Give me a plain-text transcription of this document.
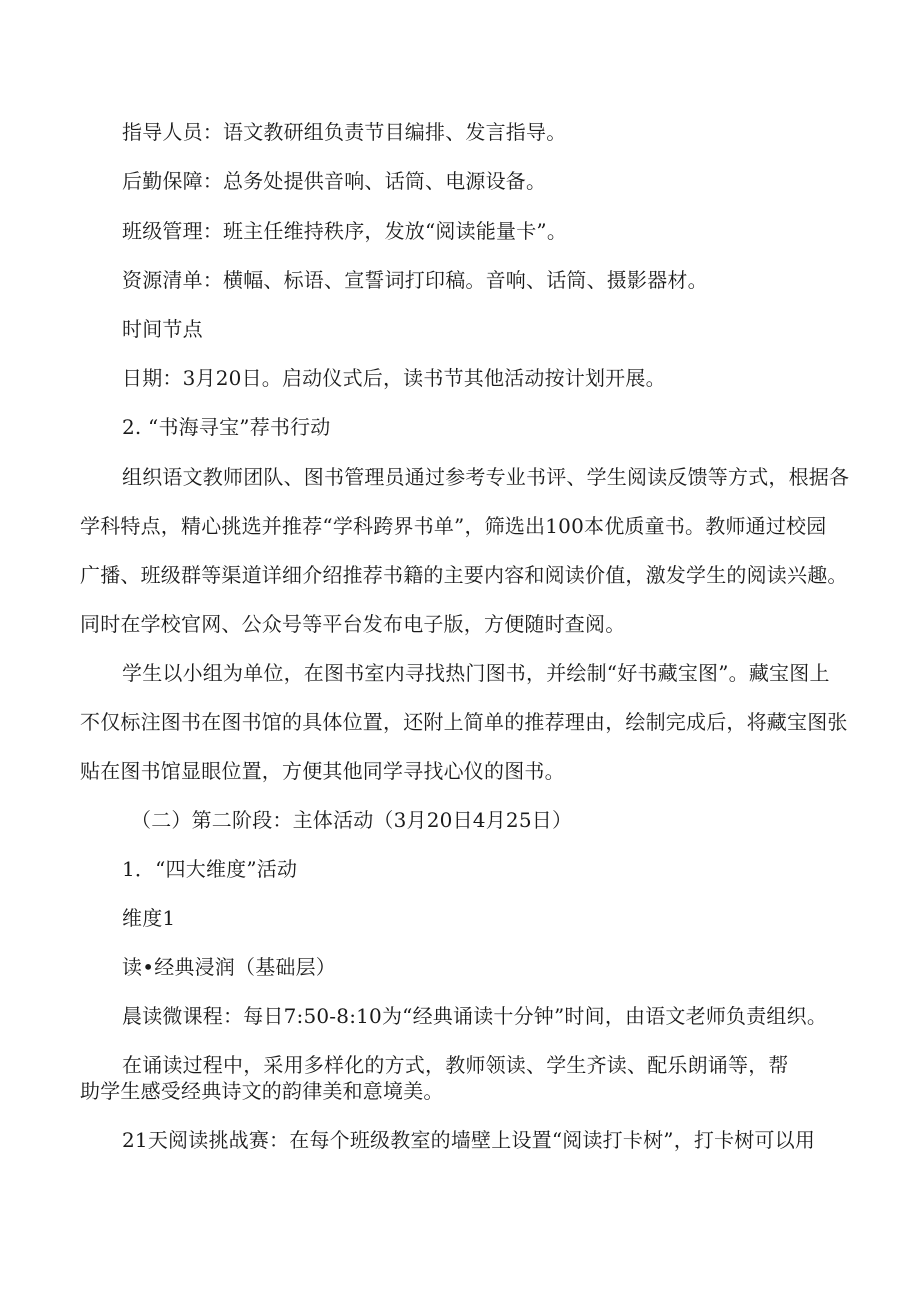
指导人员：语文教研组负责节目编排、发言指导。
后勤保障：总务处提供音响、话筒、电源设备。
班级管理：班主任维持秩序，发放“阅读能量卡”。
资源清单：横幅、标语、宣誓词打印稿。音响、话筒、摄影器材。
时间节点
日期：3月20日。启动仪式后，读书节其他活动按计划开展。
2. “书海寻宝”荐书行动
组织语文教师团队、图书管理员通过参考专业书评、学生阅读反馈等方式，根据各
学科特点，精心挑选并推荐“学科跨界书单”，筛选出100本优质童书。教师通过校园
广播、班级群等渠道详细介绍推荐书籍的主要内容和阅读价值，激发学生的阅读兴趣。
同时在学校官网、公众号等平台发布电子版，方便随时查阅。
学生以小组为单位，在图书室内寻找热门图书，并绘制“好书藏宝图”。藏宝图上
不仅标注图书在图书馆的具体位置，还附上简单的推荐理由，绘制完成后，将藏宝图张
贴在图书馆显眼位置，方便其他同学寻找心仪的图书。
（二）第二阶段：主体活动（3月20日4月25日）
1．“四大维度”活动
维度1
读•经典浸润（基础层）
晨读微课程：每日7:50-8:10为“经典诵读十分钟”时间，由语文老师负责组织。
在诵读过程中，采用多样化的方式，教师领读、学生齐读、配乐朗诵等，帮
助学生感受经典诗文的韵律美和意境美。
21天阅读挑战赛：在每个班级教室的墙壁上设置“阅读打卡树”，打卡树可以用
